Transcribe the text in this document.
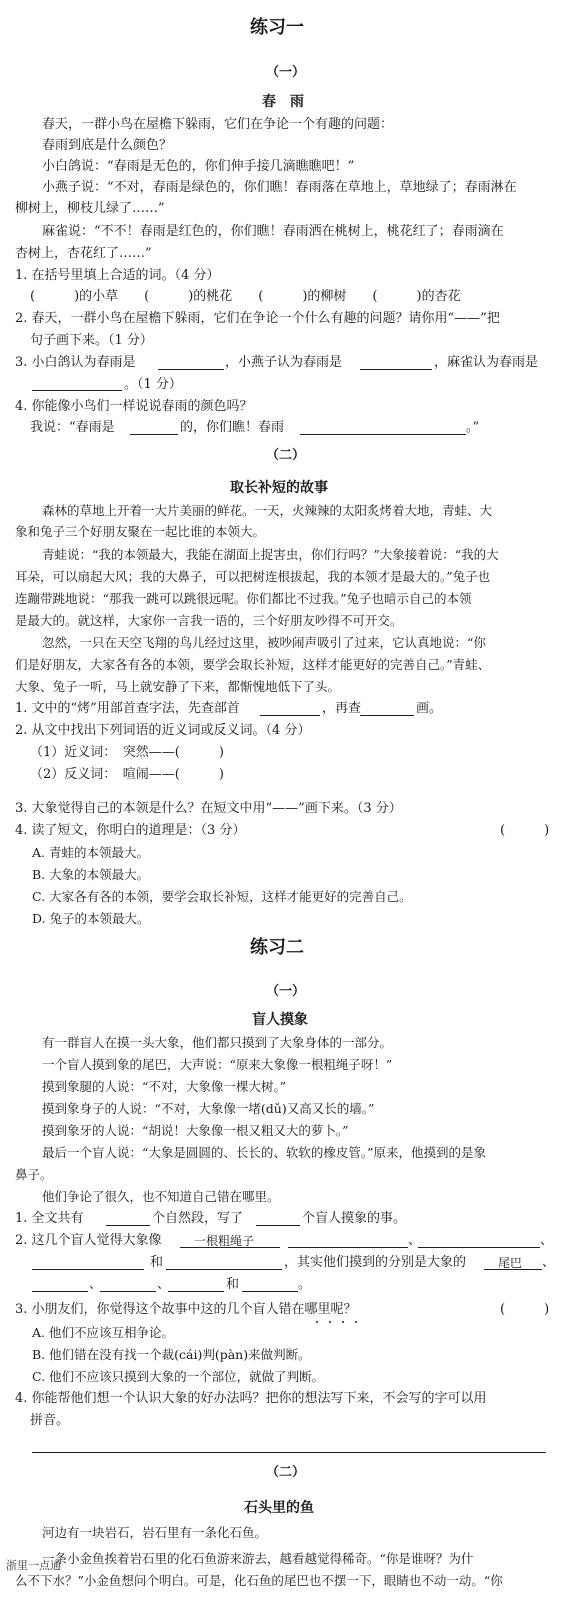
练习一
（一）
春　雨
春天，一群小鸟在屋檐下躲雨，它们在争论一个有趣的问题：
春雨到底是什么颜色？
小白鸽说：“春雨是无色的，你们伸手接几滴瞧瞧吧！”
小燕子说：“不对，春雨是绿色的，你们瞧！春雨落在草地上，草地绿了；春雨淋在
柳树上，柳枝儿绿了……”
麻雀说：“不不！春雨是红色的，你们瞧！春雨洒在桃树上，桃花红了；春雨滴在
杏树上，杏花红了……”
1. 在括号里填上合适的词。（4 分）
(　　　)的小草　　(　　　)的桃花　　(　　　)的柳树　　(　　　)的杏花
2. 春天，一群小鸟在屋檐下躲雨，它们在争论一个什么有趣的问题？请你用“——”把
句子画下来。（1 分）
3. 小白鸽认为春雨是	，小燕子认为春雨是	，麻雀认为春雨是
。（1 分）
4. 你能像小鸟们一样说说春雨的颜色吗？
我说：“春雨是	的，你们瞧！春雨	。”
（二）
取长补短的故事
森林的草地上开着一大片美丽的鲜花。一天，火辣辣的太阳炙烤着大地，青蛙、大
象和兔子三个好朋友聚在一起比谁的本领大。
青蛙说：“我的本领最大，我能在湖面上捉害虫，你们行吗？”大象接着说：“我的大
耳朵，可以扇起大风；我的大鼻子，可以把树连根拔起，我的本领才是最大的。”兔子也
连蹦带跳地说：“那我一跳可以跳很远呢。你们都比不过我。”兔子也暗示自己的本领
是最大的。就这样，大家你一言我一语的，三个好朋友吵得不可开交。
忽然，一只在天空飞翔的鸟儿经过这里，被吵闹声吸引了过来，它认真地说：“你
们是好朋友，大家各有各的本领，要学会取长补短，这样才能更好的完善自己。”青蛙、
大象、兔子一听，马上就安静了下来，都惭愧地低下了头。
1. 文中的“烤”用部首查字法，先查部首	，再查	画。
2. 从文中找出下列词语的近义词或反义词。（4 分）
（1）近义词：　突然——(　　　)
（2）反义词：　喧闹——(　　　)
3. 大象觉得自己的本领是什么？在短文中用“——”画下来。（3 分）
4. 读了短文，你明白的道理是：（3 分）	(　　　)
A. 青蛙的本领最大。
B. 大象的本领最大。
C. 大家各有各的本领，要学会取长补短，这样才能更好的完善自己。
D. 兔子的本领最大。
练习二
（一）
盲人摸象
有一群盲人在摸一头大象，他们都只摸到了大象身体的一部分。
一个盲人摸到象的尾巴，大声说：“原来大象像一根粗绳子呀！”
摸到象腿的人说：“不对，大象像一棵大树。”
摸到象身子的人说：“不对，大象像一堵(dǔ)又高又长的墙。”
摸到象牙的人说：“胡说！大象像一根又粗又大的萝卜。”
最后一个盲人说：“大象是圆圆的、长长的、软软的橡皮管。”原来，他摸到的是象
鼻子。
他们争论了很久，也不知道自己错在哪里。
1. 全文共有	个自然段，写了	个盲人摸象的事。
2. 这几个盲人觉得大象像	一根粗绳子	、	、
和	，其实他们摸到的分别是大象的	尾巴 、
、	、	和	。
3. 小朋友们，你觉得这个故事中这的几个盲人错在哪里呢？	(　　　)
A. 他们不应该互相争论。
B. 他们错在没有找一个裁(cái)判(pàn)来做判断。
C. 他们不应该只摸到大象的一个部位，就做了判断。
4. 你能帮他们想一个认识大象的好办法吗？把你的想法写下来，不会写的字可以用
拼音。
（二）
石头里的鱼
河边有一块岩石，岩石里有一条化石鱼。
一条小金鱼挨着岩石里的化石鱼游来游去，越看越觉得稀奇。“你是谁呀？为什
么不下水？”小金鱼想问个明白。可是，化石鱼的尾巴也不摆一下，眼睛也不动一动。“你
浙里一点通
